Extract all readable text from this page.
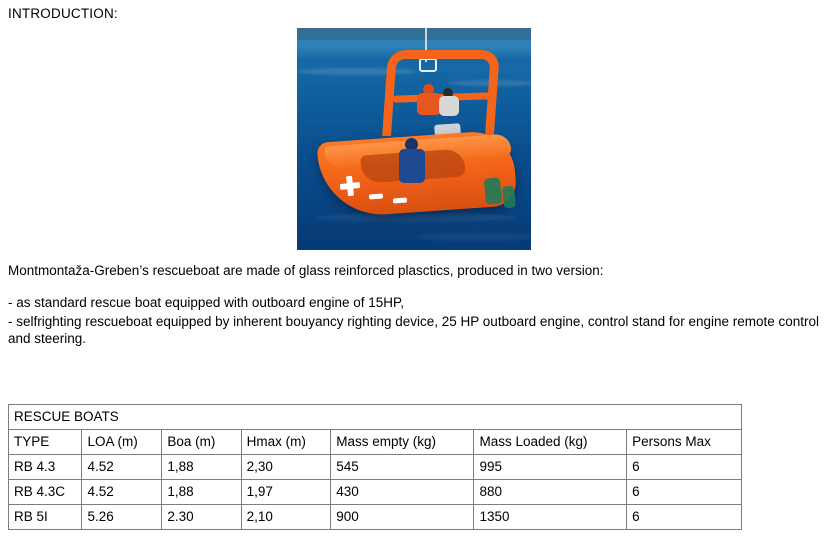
INTRODUCTION:
Montmontaža-Greben’s rescueboat are made of glass reinforced plasctics, produced in two version:
- as standard rescue boat equipped with outboard engine of 15HP,
- selfrighting rescueboat equipped by inherent bouyancy righting device, 25 HP outboard engine, control stand for engine remote control and steering.
RESCUE BOATS						
TYPE	LOA (m)	Boa (m)	Hmax (m)	Mass empty (kg)	Mass Loaded (kg)	Persons Max
RB 4.3	4.52	1,88	2,30	545	995	6
RB 4.3C	4.52	1,88	1,97	430	880	6
RB 5I	5.26	2.30	2,10	900	1350	6
